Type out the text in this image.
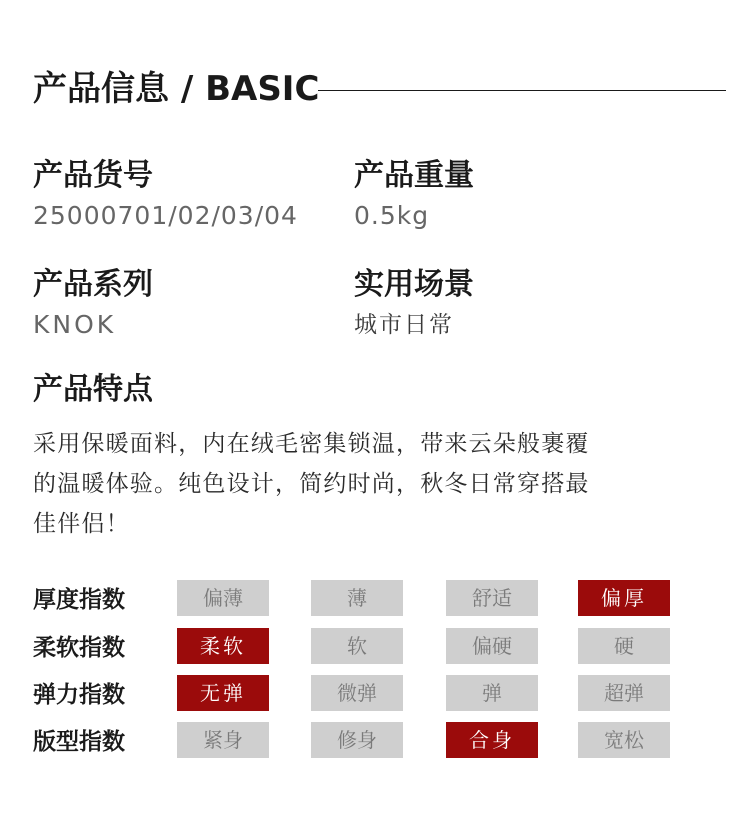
产品信息 / BASIC
产品货号
25000701/02/03/04
产品重量
0.5kg
产品系列
KNOK
实用场景
城市日常
产品特点
采用保暖面料，内在绒毛密集锁温，带来云朵般裹覆
的温暖体验。纯色设计，简约时尚，秋冬日常穿搭最
佳伴侣！
厚度指数	偏薄	薄	舒适	偏厚
柔软指数	柔软	软	偏硬	硬
弹力指数	无弹	微弹	弹	超弹
版型指数	紧身	修身	合身	宽松
